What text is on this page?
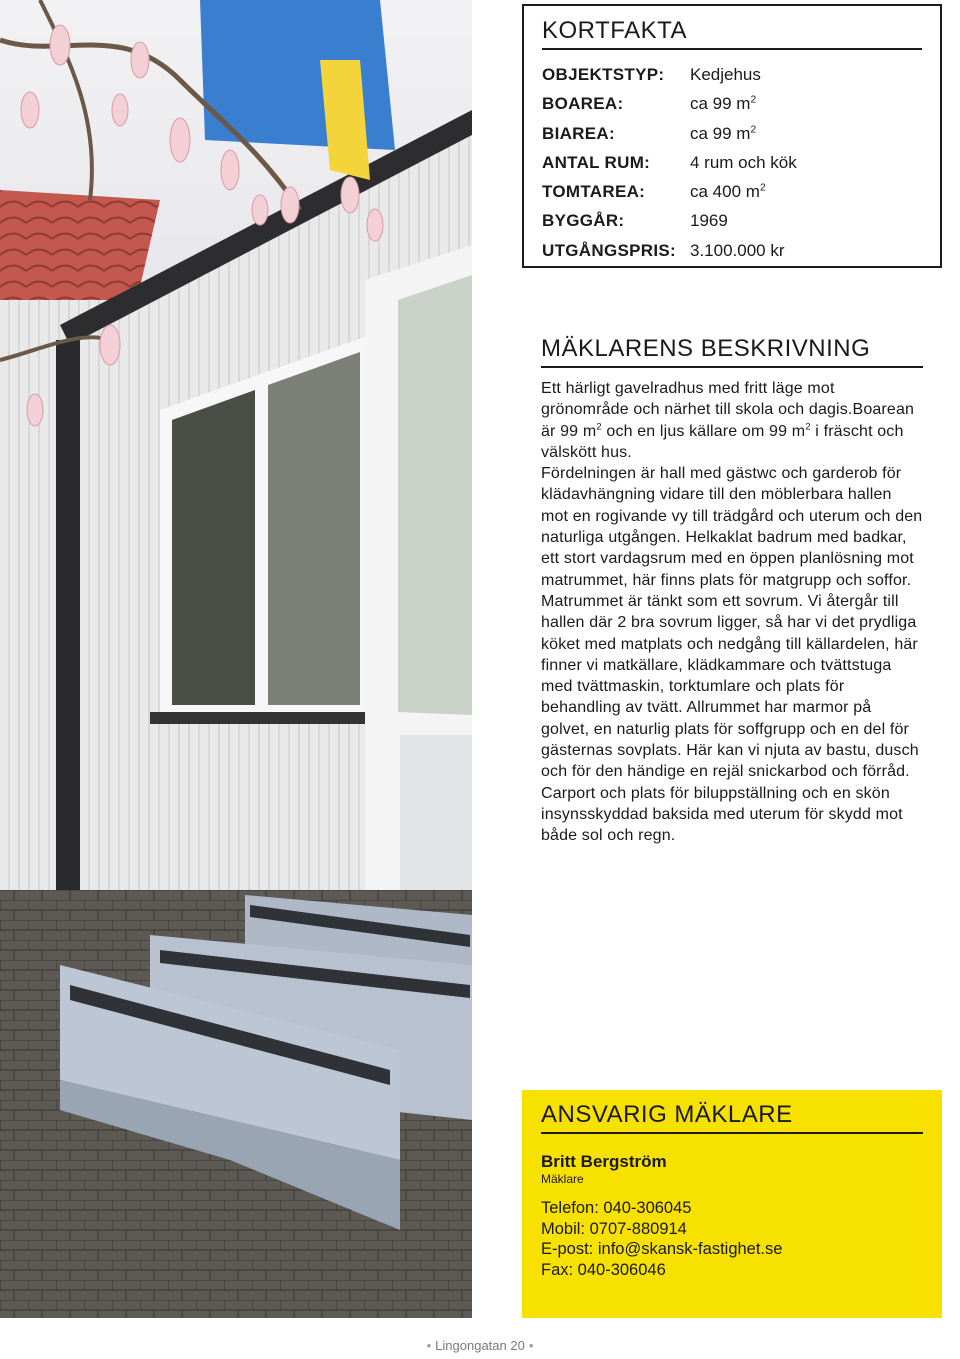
KORTFAKTA
OBJEKTSTYP:	Kedjehus
BOAREA:	ca 99 $m^2$
BIAREA:	ca 99 $m^2$
ANTAL RUM:	4 rum och kök
TOMTAREA:	ca 400 $m^2$
BYGGÅR:	1969
UTGÅNGSPRIS: 3.100.000 kr
MÄKLARENS BESKRIVNING

Ett härligt gavelradhus med fritt läge mot grönområde och närhet till skola och dagis.Boarean är 99 $m^2$ och en ljus källare om 99 $m^2$ i fräscht och välskött hus.

Fördelningen är hall med gästwc och garderob för klädavhängning vidare till den möblerbara hallen mot en rogivande vy till trädgård och uterum och den naturliga utgången. Helkaklat badrum med badkar, ett stort vardagsrum med en öppen planlösning mot matrummet, här finns plats för matgrupp och soffor. Matrummet är tänkt som ett sovrum. Vi återgår till hallen där 2 bra sovrum ligger, så har vi det prydliga köket med matplats och nedgång till källardelen, här finner vi matkällare, klädkammare och tvättstuga med tvättmaskin, torktumlare och plats för behandling av tvätt. Allrummet har marmor på golvet, en naturlig plats för soffgrupp och en del för gästernas sovplats. Här kan vi njuta av bastu, dusch och för den händige en rejäl snickarbod och förråd. Carport och plats för biluppställning och en skön insynsskyddad baksida med uterum för skydd mot både sol och regn.

ANSVARIG MÄKLARE
Britt Bergström
Mäklare
Telefon: 040-306045
Mobil: 0707-880914
E-post: info@skansk-fastighet.se
Fax: 040-306046
• Lingongatan 20 •
